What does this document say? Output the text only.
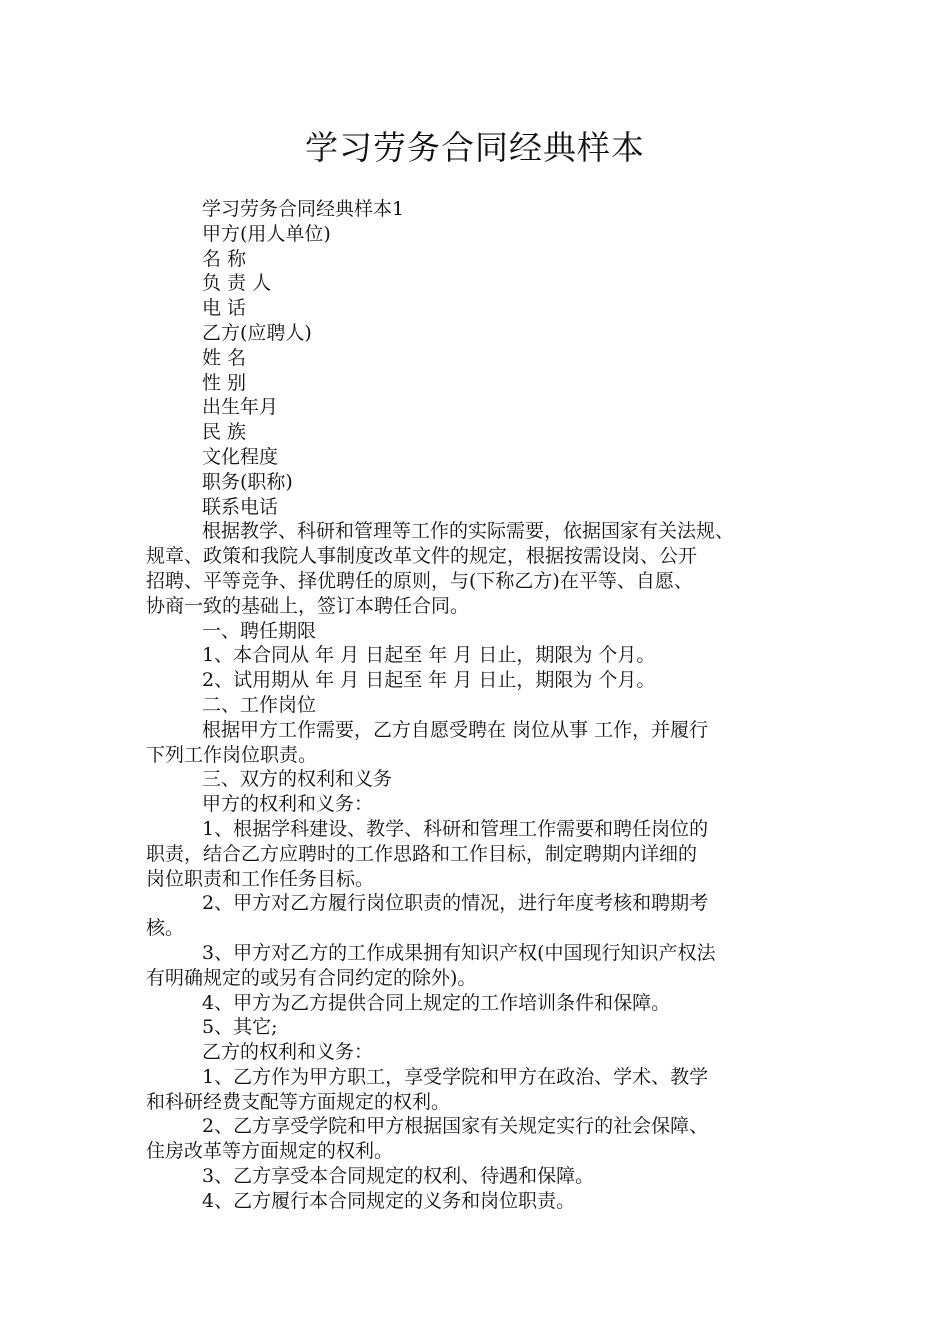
学习劳务合同经典样本
学习劳务合同经典样本1
甲方(用人单位)
名 称
负 责 人
电 话
乙方(应聘人)
姓 名
性 别
出生年月
民 族
文化程度
职务(职称)
联系电话
根据教学、科研和管理等工作的实际需要，依据国家有关法规、
规章、政策和我院人事制度改革文件的规定，根据按需设岗、公开
招聘、平等竞争、择优聘任的原则，与(下称乙方)在平等、自愿、
协商一致的基础上，签订本聘任合同。
一、聘任期限
1、本合同从 年 月 日起至 年 月 日止，期限为 个月。
2、试用期从 年 月 日起至 年 月 日止，期限为 个月。
二、工作岗位
根据甲方工作需要，乙方自愿受聘在 岗位从事 工作，并履行
下列工作岗位职责。
三、双方的权利和义务
甲方的权利和义务：
1、根据学科建设、教学、科研和管理工作需要和聘任岗位的
职责，结合乙方应聘时的工作思路和工作目标，制定聘期内详细的
岗位职责和工作任务目标。
2、甲方对乙方履行岗位职责的情况，进行年度考核和聘期考
核。
3、甲方对乙方的工作成果拥有知识产权(中国现行知识产权法
有明确规定的或另有合同约定的除外)。
4、甲方为乙方提供合同上规定的工作培训条件和保障。
5、其它;
乙方的权利和义务：
1、乙方作为甲方职工，享受学院和甲方在政治、学术、教学
和科研经费支配等方面规定的权利。
2、乙方享受学院和甲方根据国家有关规定实行的社会保障、
住房改革等方面规定的权利。
3、乙方享受本合同规定的权利、待遇和保障。
4、乙方履行本合同规定的义务和岗位职责。
